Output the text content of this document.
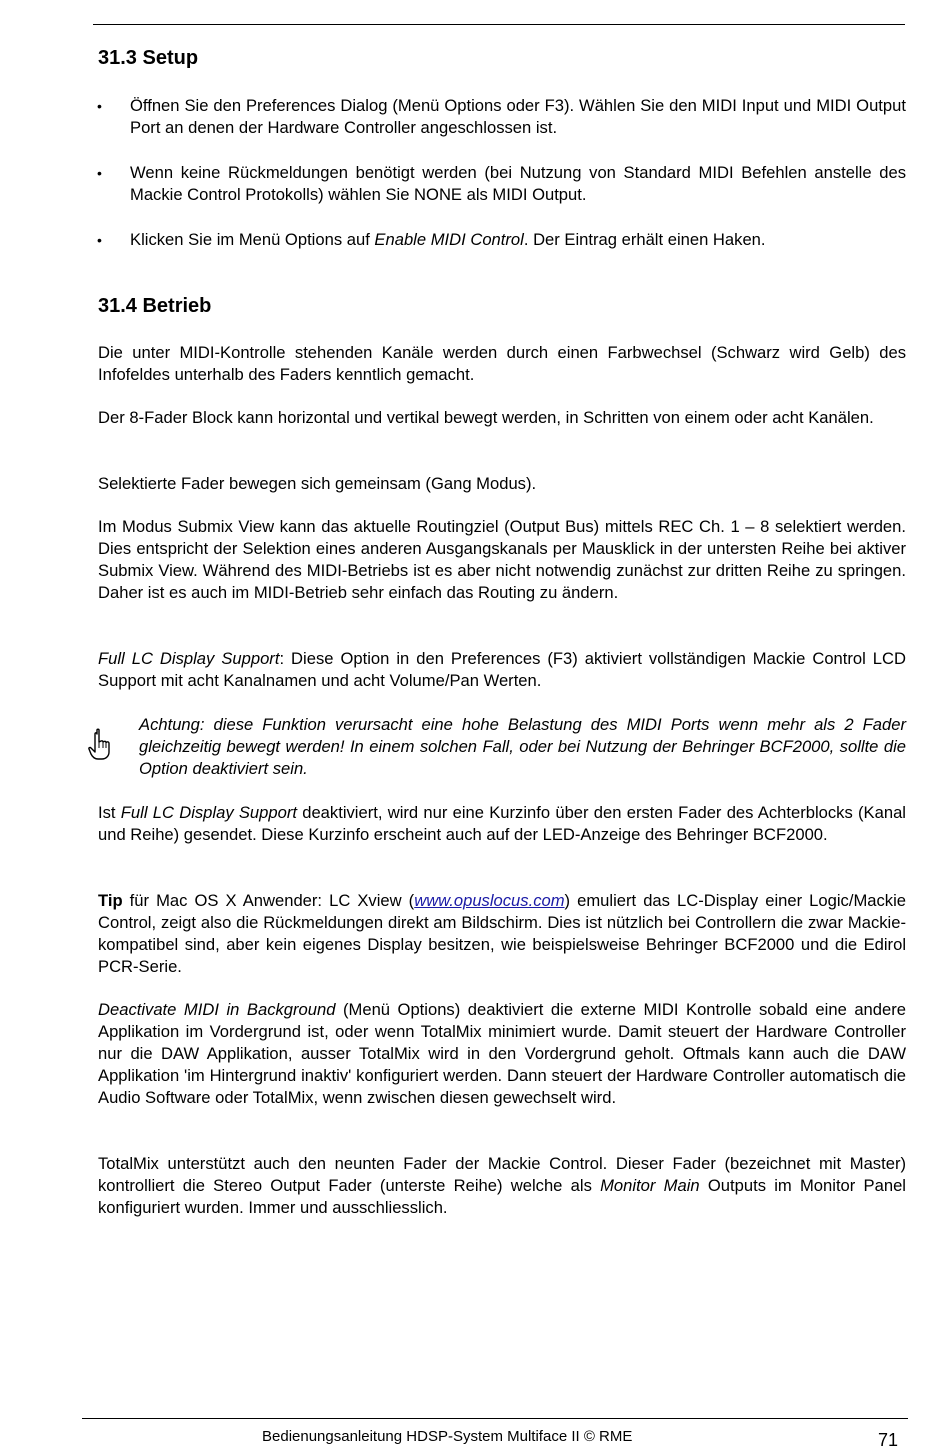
31.3 Setup
• Öffnen Sie den Preferences Dialog (Menü Options oder F3). Wählen Sie den MIDI Input und MIDI Output Port an denen der Hardware Controller angeschlossen ist.

• Wenn keine Rückmeldungen benötigt werden (bei Nutzung von Standard MIDI Befehlen anstelle des Mackie Control Protokolls) wählen Sie NONE als MIDI Output.

• Klicken Sie im Menü Options auf Enable MIDI Control. Der Eintrag erhält einen Haken.

31.4 Betrieb

Die unter MIDI-Kontrolle stehenden Kanäle werden durch einen Farbwechsel (Schwarz wird Gelb) des Infofeldes unterhalb des Faders kenntlich gemacht.

Der 8-Fader Block kann horizontal und vertikal bewegt werden, in Schritten von einem oder acht Kanälen.

Selektierte Fader bewegen sich gemeinsam (Gang Modus).

Im Modus Submix View kann das aktuelle Routingziel (Output Bus) mittels REC Ch. 1 – 8 selektiert werden. Dies entspricht der Selektion eines anderen Ausgangskanals per Mausklick in der untersten Reihe bei aktiver Submix View. Während des MIDI-Betriebs ist es aber nicht notwendig zunächst zur dritten Reihe zu springen. Daher ist es auch im MIDI-Betrieb sehr einfach das Routing zu ändern.

Full LC Display Support: Diese Option in den Preferences (F3) aktiviert vollständigen Mackie Control LCD Support mit acht Kanalnamen und acht Volume/Pan Werten.

Achtung: diese Funktion verursacht eine hohe Belastung des MIDI Ports wenn mehr als 2 Fader gleichzeitig bewegt werden! In einem solchen Fall, oder bei Nutzung der Behringer BCF2000, sollte die Option deaktiviert sein.

Ist Full LC Display Support deaktiviert, wird nur eine Kurzinfo über den ersten Fader des Achterblocks (Kanal und Reihe) gesendet. Diese Kurzinfo erscheint auch auf der LED-Anzeige des Behringer BCF2000.

Tip für Mac OS X Anwender: LC Xview (www.opuslocus.com) emuliert das LC-Display einer Logic/Mackie Control, zeigt also die Rückmeldungen direkt am Bildschirm. Dies ist nützlich bei Controllern die zwar Mackie-kompatibel sind, aber kein eigenes Display besitzen, wie beispielsweise Behringer BCF2000 und die Edirol PCR-Serie.

Deactivate MIDI in Background (Menü Options) deaktiviert die externe MIDI Kontrolle sobald eine andere Applikation im Vordergrund ist, oder wenn TotalMix minimiert wurde. Damit steuert der Hardware Controller nur die DAW Applikation, ausser TotalMix wird in den Vordergrund geholt. Oftmals kann auch die DAW Applikation 'im Hintergrund inaktiv' konfiguriert werden. Dann steuert der Hardware Controller automatisch die Audio Software oder TotalMix, wenn zwischen diesen gewechselt wird.

TotalMix unterstützt auch den neunten Fader der Mackie Control. Dieser Fader (bezeichnet mit Master) kontrolliert die Stereo Output Fader (unterste Reihe) welche als Monitor Main Outputs im Monitor Panel konfiguriert wurden. Immer und ausschliesslich.

Bedienungsanleitung HDSP-System Multiface II © RME	71
